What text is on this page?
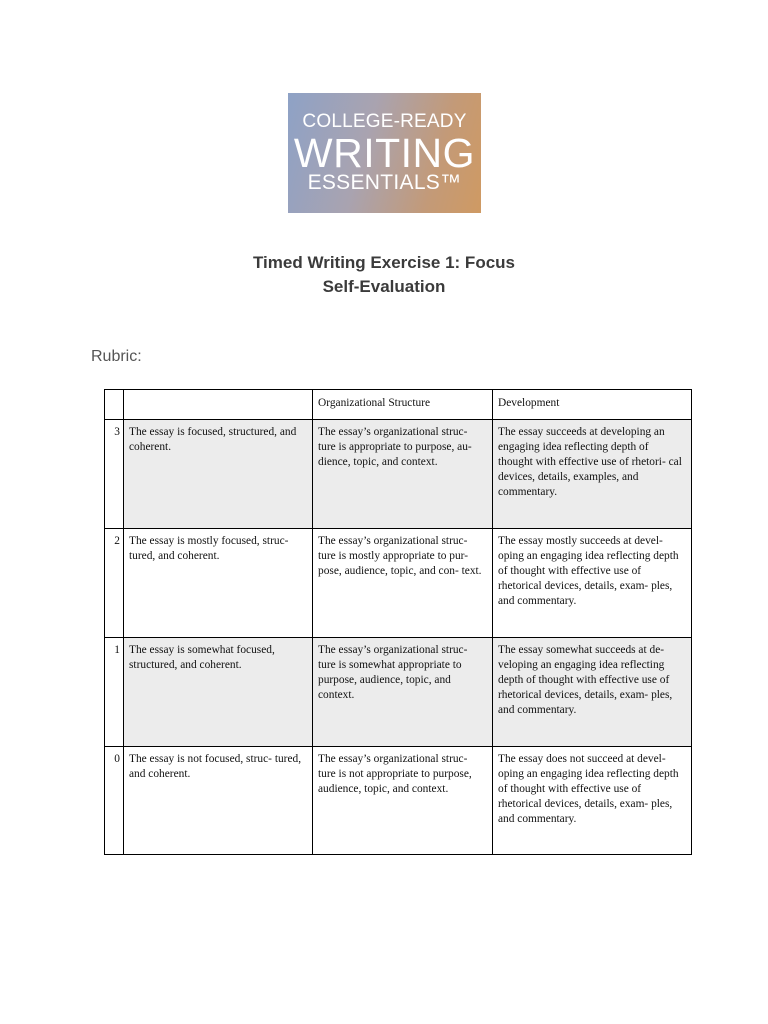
COLLEGE-READY
WRITING
ESSENTIALS™
Timed Writing Exercise 1: Focus
Self-Evaluation
Rubric:
		Organizational Structure	Development
3	The essay is focused, structured, and coherent.	The essay’s organizational struc- ture is appropriate to purpose, au- dience, topic, and context.	The essay succeeds at developing an engaging idea reflecting depth of thought with effective use of rhetori- cal devices, details, examples, and commentary.
2	The essay is mostly focused, struc- tured, and coherent.	The essay’s organizational struc- ture is mostly appropriate to pur- pose, audience, topic, and con- text.	The essay mostly succeeds at devel- oping an engaging idea reflecting depth of thought with effective use of rhetorical devices, details, exam- ples, and commentary.
1	The essay is somewhat focused, structured, and coherent.	The essay’s organizational struc- ture is somewhat appropriate to purpose, audience, topic, and context.	The essay somewhat succeeds at de- veloping an engaging idea reflecting depth of thought with effective use of rhetorical devices, details, exam- ples, and commentary.
0	The essay is not focused, struc- tured, and coherent.	The essay’s organizational struc- ture is not appropriate to purpose, audience, topic, and context.	The essay does not succeed at devel- oping an engaging idea reflecting depth of thought with effective use of rhetorical devices, details, exam- ples, and commentary.
